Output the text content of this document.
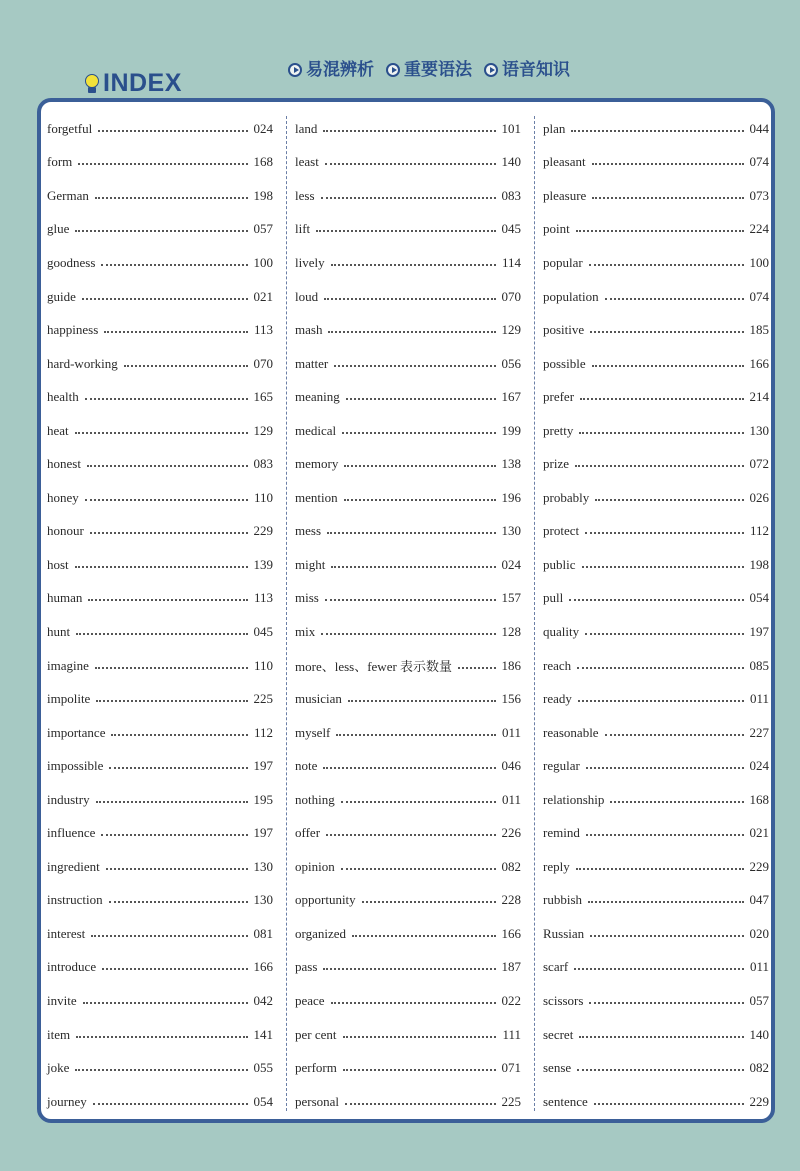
INDEX	易混辨析 重要语法 语音知识
forgetful	024
form	168
German	198
glue	057
goodness	100
guide	021
happiness	113
hard-working	070
health	165
heat	129
honest	083
honey	110
honour	229
host	139
human	113
hunt	045
imagine	110
impolite	225
importance	112
impossible	197
industry	195
influence	197
ingredient	130
instruction	130
interest	081
introduce	166
invite	042
item	141
joke	055
journey	054
land	101
least	140
less	083
lift	045
lively	114
loud	070
mash	129
matter	056
meaning	167
medical	199
memory	138
mention	196
mess	130
might	024
miss	157
mix	128
more、less、fewer 表示数量	186
musician	156
myself	011
note	046
nothing	011
offer	226
opinion	082
opportunity	228
organized	166
pass	187
peace	022
per cent	111
perform	071
personal	225
plan	044
pleasant	074
pleasure	073
point	224
popular	100
population	074
positive	185
possible	166
prefer	214
pretty	130
prize	072
probably	026
protect	112
public	198
pull	054
quality	197
reach	085
ready	011
reasonable	227
regular	024
relationship	168
remind	021
reply	229
rubbish	047
Russian	020
scarf	011
scissors	057
secret	140
sense	082
sentence	229
